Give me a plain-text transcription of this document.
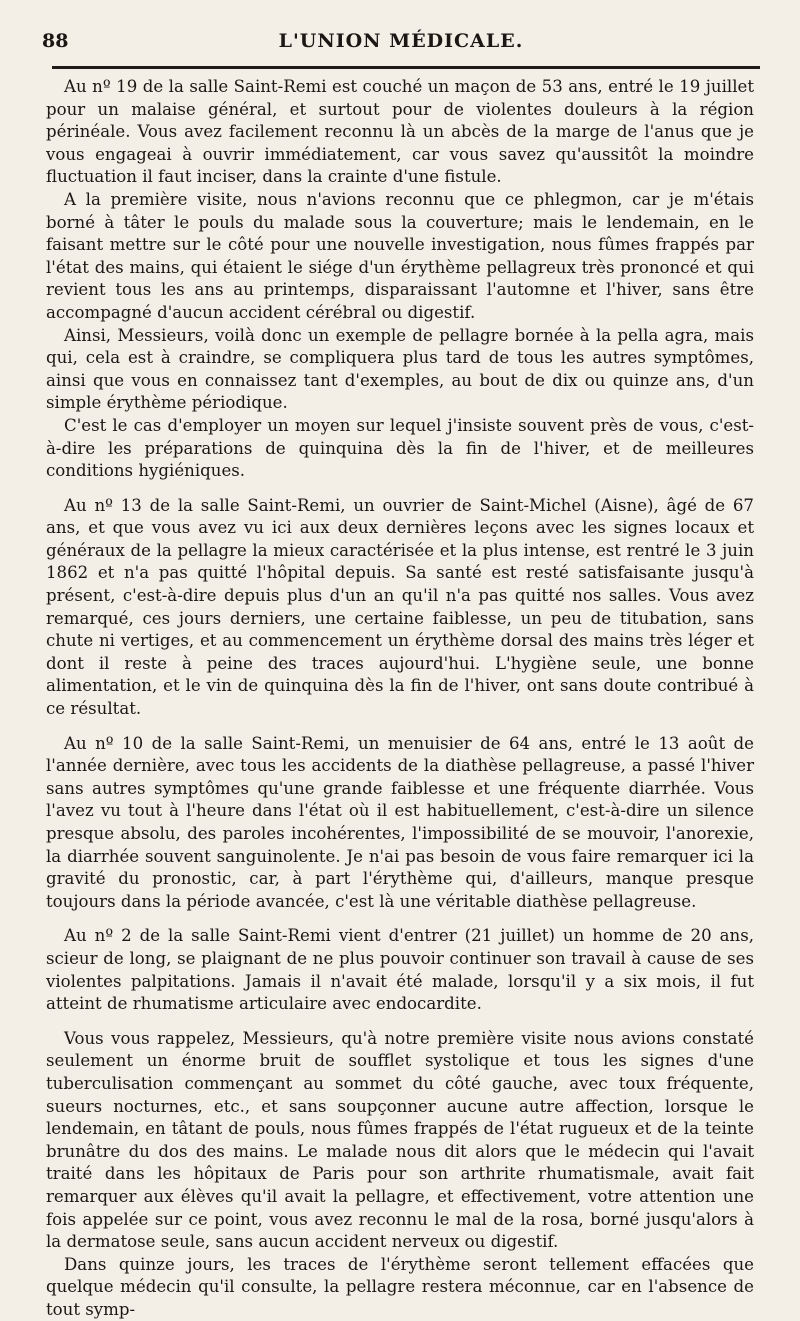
88	L'UNION MÉDICALE.

Au nº 19 de la salle Saint-Remi est couché un maçon de 53 ans, entré le 19 juillet pour un malaise général, et surtout pour de violentes douleurs à la région périnéale. Vous avez facilement reconnu là un abcès de la marge de l'anus que je vous engageai à ouvrir immédiatement, car vous savez qu'aussitôt la moindre fluctuation il faut inciser, dans la crainte d'une fistule.

A la première visite, nous n'avions reconnu que ce phlegmon, car je m'étais borné à tâter le pouls du malade sous la couverture; mais le lendemain, en le faisant mettre sur le côté pour une nouvelle investigation, nous fûmes frappés par l'état des mains, qui étaient le siége d'un érythème pellagreux très prononcé et qui revient tous les ans au printemps, disparaissant l'automne et l'hiver, sans être accompagné d'aucun accident cérébral ou digestif.

Ainsi, Messieurs, voilà donc un exemple de pellagre bornée à la pella agra, mais qui, cela est à craindre, se compliquera plus tard de tous les autres symptômes, ainsi que vous en connaissez tant d'exemples, au bout de dix ou quinze ans, d'un simple érythème périodique.

C'est le cas d'employer un moyen sur lequel j'insiste souvent près de vous, c'est-à-dire les préparations de quinquina dès la fin de l'hiver, et de meilleures conditions hygiéniques.

Au nº 13 de la salle Saint-Remi, un ouvrier de Saint-Michel (Aisne), âgé de 67 ans, et que vous avez vu ici aux deux dernières leçons avec les signes locaux et généraux de la pellagre la mieux caractérisée et la plus intense, est rentré le 3 juin 1862 et n'a pas quitté l'hôpital depuis. Sa santé est resté satisfaisante jusqu'à présent, c'est-à-dire depuis plus d'un an qu'il n'a pas quitté nos salles. Vous avez remarqué, ces jours derniers, une certaine faiblesse, un peu de titubation, sans chute ni vertiges, et au commencement un érythème dorsal des mains très léger et dont il reste à peine des traces aujourd'hui. L'hygiène seule, une bonne alimentation, et le vin de quinquina dès la fin de l'hiver, ont sans doute contribué à ce résultat.

Au nº 10 de la salle Saint-Remi, un menuisier de 64 ans, entré le 13 août de l'année dernière, avec tous les accidents de la diathèse pellagreuse, a passé l'hiver sans autres symptômes qu'une grande faiblesse et une fréquente diarrhée. Vous l'avez vu tout à l'heure dans l'état où il est habituellement, c'est-à-dire un silence presque absolu, des paroles incohérentes, l'impossibilité de se mouvoir, l'anorexie, la diarrhée souvent sanguinolente. Je n'ai pas besoin de vous faire remarquer ici la gravité du pronostic, car, à part l'érythème qui, d'ailleurs, manque presque toujours dans la période avancée, c'est là une véritable diathèse pellagreuse.

Au nº 2 de la salle Saint-Remi vient d'entrer (21 juillet) un homme de 20 ans, scieur de long, se plaignant de ne plus pouvoir continuer son travail à cause de ses violentes palpitations. Jamais il n'avait été malade, lorsqu'il y a six mois, il fut atteint de rhumatisme articulaire avec endocardite.

Vous vous rappelez, Messieurs, qu'à notre première visite nous avions constaté seulement un énorme bruit de soufflet systolique et tous les signes d'une tuberculisation commençant au sommet du côté gauche, avec toux fréquente, sueurs nocturnes, etc., et sans soupçonner aucune autre affection, lorsque le lendemain, en tâtant de pouls, nous fûmes frappés de l'état rugueux et de la teinte brunâtre du dos des mains. Le malade nous dit alors que le médecin qui l'avait traité dans les hôpitaux de Paris pour son arthrite rhumatismale, avait fait remarquer aux élèves qu'il avait la pellagre, et effectivement, votre attention une fois appelée sur ce point, vous avez reconnu le mal de la rosa, borné jusqu'alors à la dermatose seule, sans aucun accident nerveux ou digestif.

Dans quinze jours, les traces de l'érythème seront tellement effacées que quelque médecin qu'il consulte, la pellagre restera méconnue, car en l'absence de tout symp-
